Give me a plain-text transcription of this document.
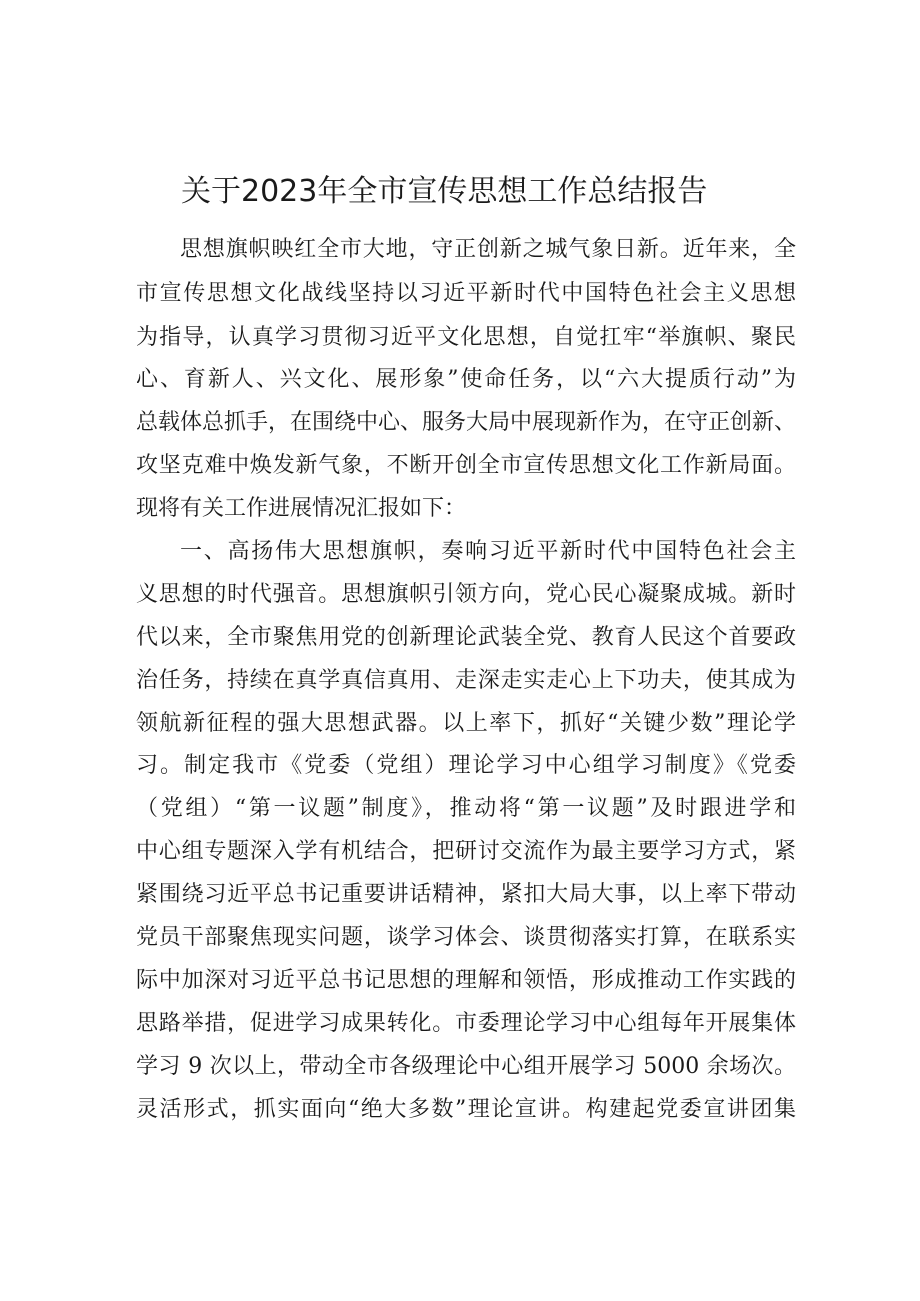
关于2023年全市宣传思想工作总结报告

思想旗帜映红全市大地，守正创新之城气象日新。近年来，全

市宣传思想文化战线坚持以习近平新时代中国特色社会主义思想

为指导，认真学习贯彻习近平文化思想，自觉扛牢“举旗帜、聚民

心、育新人、兴文化、展形象”使命任务，以“六大提质行动”为

总载体总抓手，在围绕中心、服务大局中展现新作为，在守正创新、

攻坚克难中焕发新气象，不断开创全市宣传思想文化工作新局面。

现将有关工作进展情况汇报如下：

一、高扬伟大思想旗帜，奏响习近平新时代中国特色社会主

义思想的时代强音。思想旗帜引领方向，党心民心凝聚成城。新时

代以来，全市聚焦用党的创新理论武装全党、教育人民这个首要政

治任务，持续在真学真信真用、走深走实走心上下功夫，使其成为

领航新征程的强大思想武器。以上率下，抓好“关键少数”理论学

习。制定我市《党委（党组）理论学习中心组学习制度》《党委

（党组）“第一议题”制度》，推动将“第一议题”及时跟进学和

中心组专题深入学有机结合，把研讨交流作为最主要学习方式，紧

紧围绕习近平总书记重要讲话精神，紧扣大局大事，以上率下带动

党员干部聚焦现实问题，谈学习体会、谈贯彻落实打算，在联系实

际中加深对习近平总书记思想的理解和领悟，形成推动工作实践的

思路举措，促进学习成果转化。市委理论学习中心组每年开展集体

学习 9 次以上，带动全市各级理论中心组开展学习 5000 余场次。

灵活形式，抓实面向“绝大多数”理论宣讲。构建起党委宣讲团集
